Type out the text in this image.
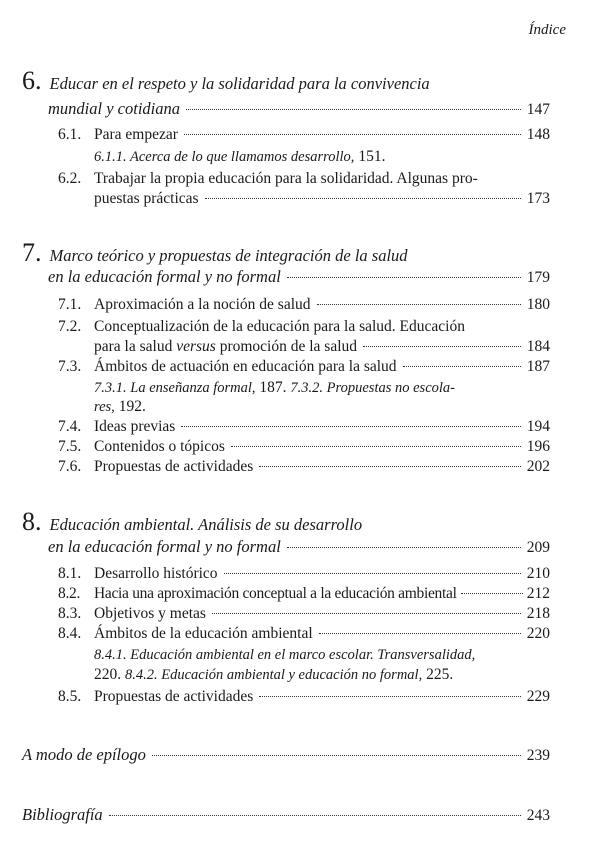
Índice
6. Educar en el respeto y la solidaridad para la convivencia
mundial y cotidiana	147
6.1. Para empezar	148
6.1.1. Acerca de lo que llamamos desarrollo, 151.
6.2. Trabajar la propia educación para la solidaridad. Algunas pro-
puestas prácticas	173
7. Marco teórico y propuestas de integración de la salud
en la educación formal y no formal	179
7.1. Aproximación a la noción de salud	180
7.2. Conceptualización de la educación para la salud. Educación
para la salud versus promoción de la salud	184
7.3. Ámbitos de actuación en educación para la salud	187
7.3.1. La enseñanza formal, 187. 7.3.2. Propuestas no escola-
res, 192.
7.4. Ideas previas	194
7.5. Contenidos o tópicos	196
7.6. Propuestas de actividades	202
8. Educación ambiental. Análisis de su desarrollo
en la educación formal y no formal	209
8.1. Desarrollo histórico	210
8.2. Hacia una aproximación conceptual a la educación ambiental	212
8.3. Objetivos y metas	218
8.4. Ámbitos de la educación ambiental	220
8.4.1. Educación ambiental en el marco escolar. Transversalidad,
220. 8.4.2. Educación ambiental y educación no formal, 225.
8.5. Propuestas de actividades	229
A modo de epílogo	239
Bibliografía	243
